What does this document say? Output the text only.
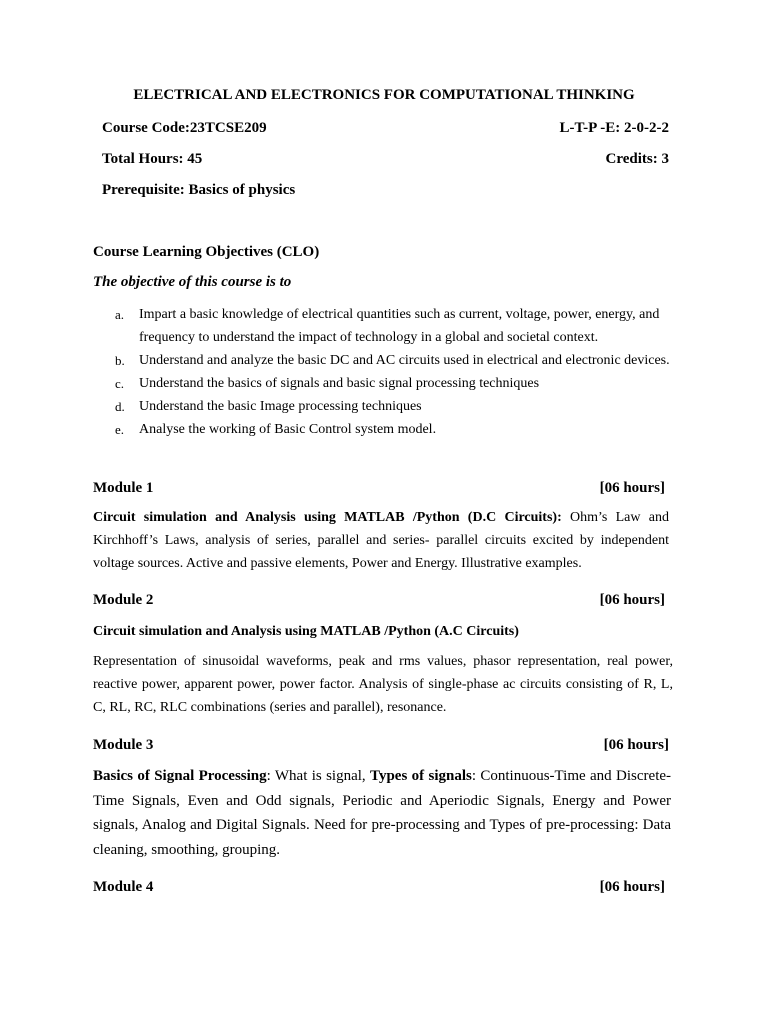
ELECTRICAL AND ELECTRONICS FOR COMPUTATIONAL THINKING
Course Code:23TCSE209	L-T-P -E: 2-0-2-2
Total Hours: 45	Credits: 3
Prerequisite: Basics of physics
Course Learning Objectives (CLO)
The objective of this course is to
a. Impart a basic knowledge of electrical quantities such as current, voltage, power, energy, and frequency to understand the impact of technology in a global and societal context.
b. Understand and analyze the basic DC and AC circuits used in electrical and electronic devices.
c. Understand the basics of signals and basic signal processing techniques
d. Understand the basic Image processing techniques
e. Analyse the working of Basic Control system model.
Module 1	[06 hours]
Circuit simulation and Analysis using MATLAB /Python (D.C Circuits): Ohm’s Law and Kirchhoff’s Laws, analysis of series, parallel and series- parallel circuits excited by independent voltage sources. Active and passive elements, Power and Energy. Illustrative examples.
Module 2	[06 hours]
Circuit simulation and Analysis using MATLAB /Python (A.C Circuits)
Representation of sinusoidal waveforms, peak and rms values, phasor representation, real power, reactive power, apparent power, power factor. Analysis of single-phase ac circuits consisting of R, L, C, RL, RC, RLC combinations (series and parallel), resonance.
Module 3	[06 hours]
Basics of Signal Processing: What is signal, Types of signals: Continuous-Time and Discrete-Time Signals, Even and Odd signals, Periodic and Aperiodic Signals, Energy and Power signals, Analog and Digital Signals. Need for pre-processing and Types of pre-processing: Data cleaning, smoothing, grouping.
Module 4	[06 hours]
